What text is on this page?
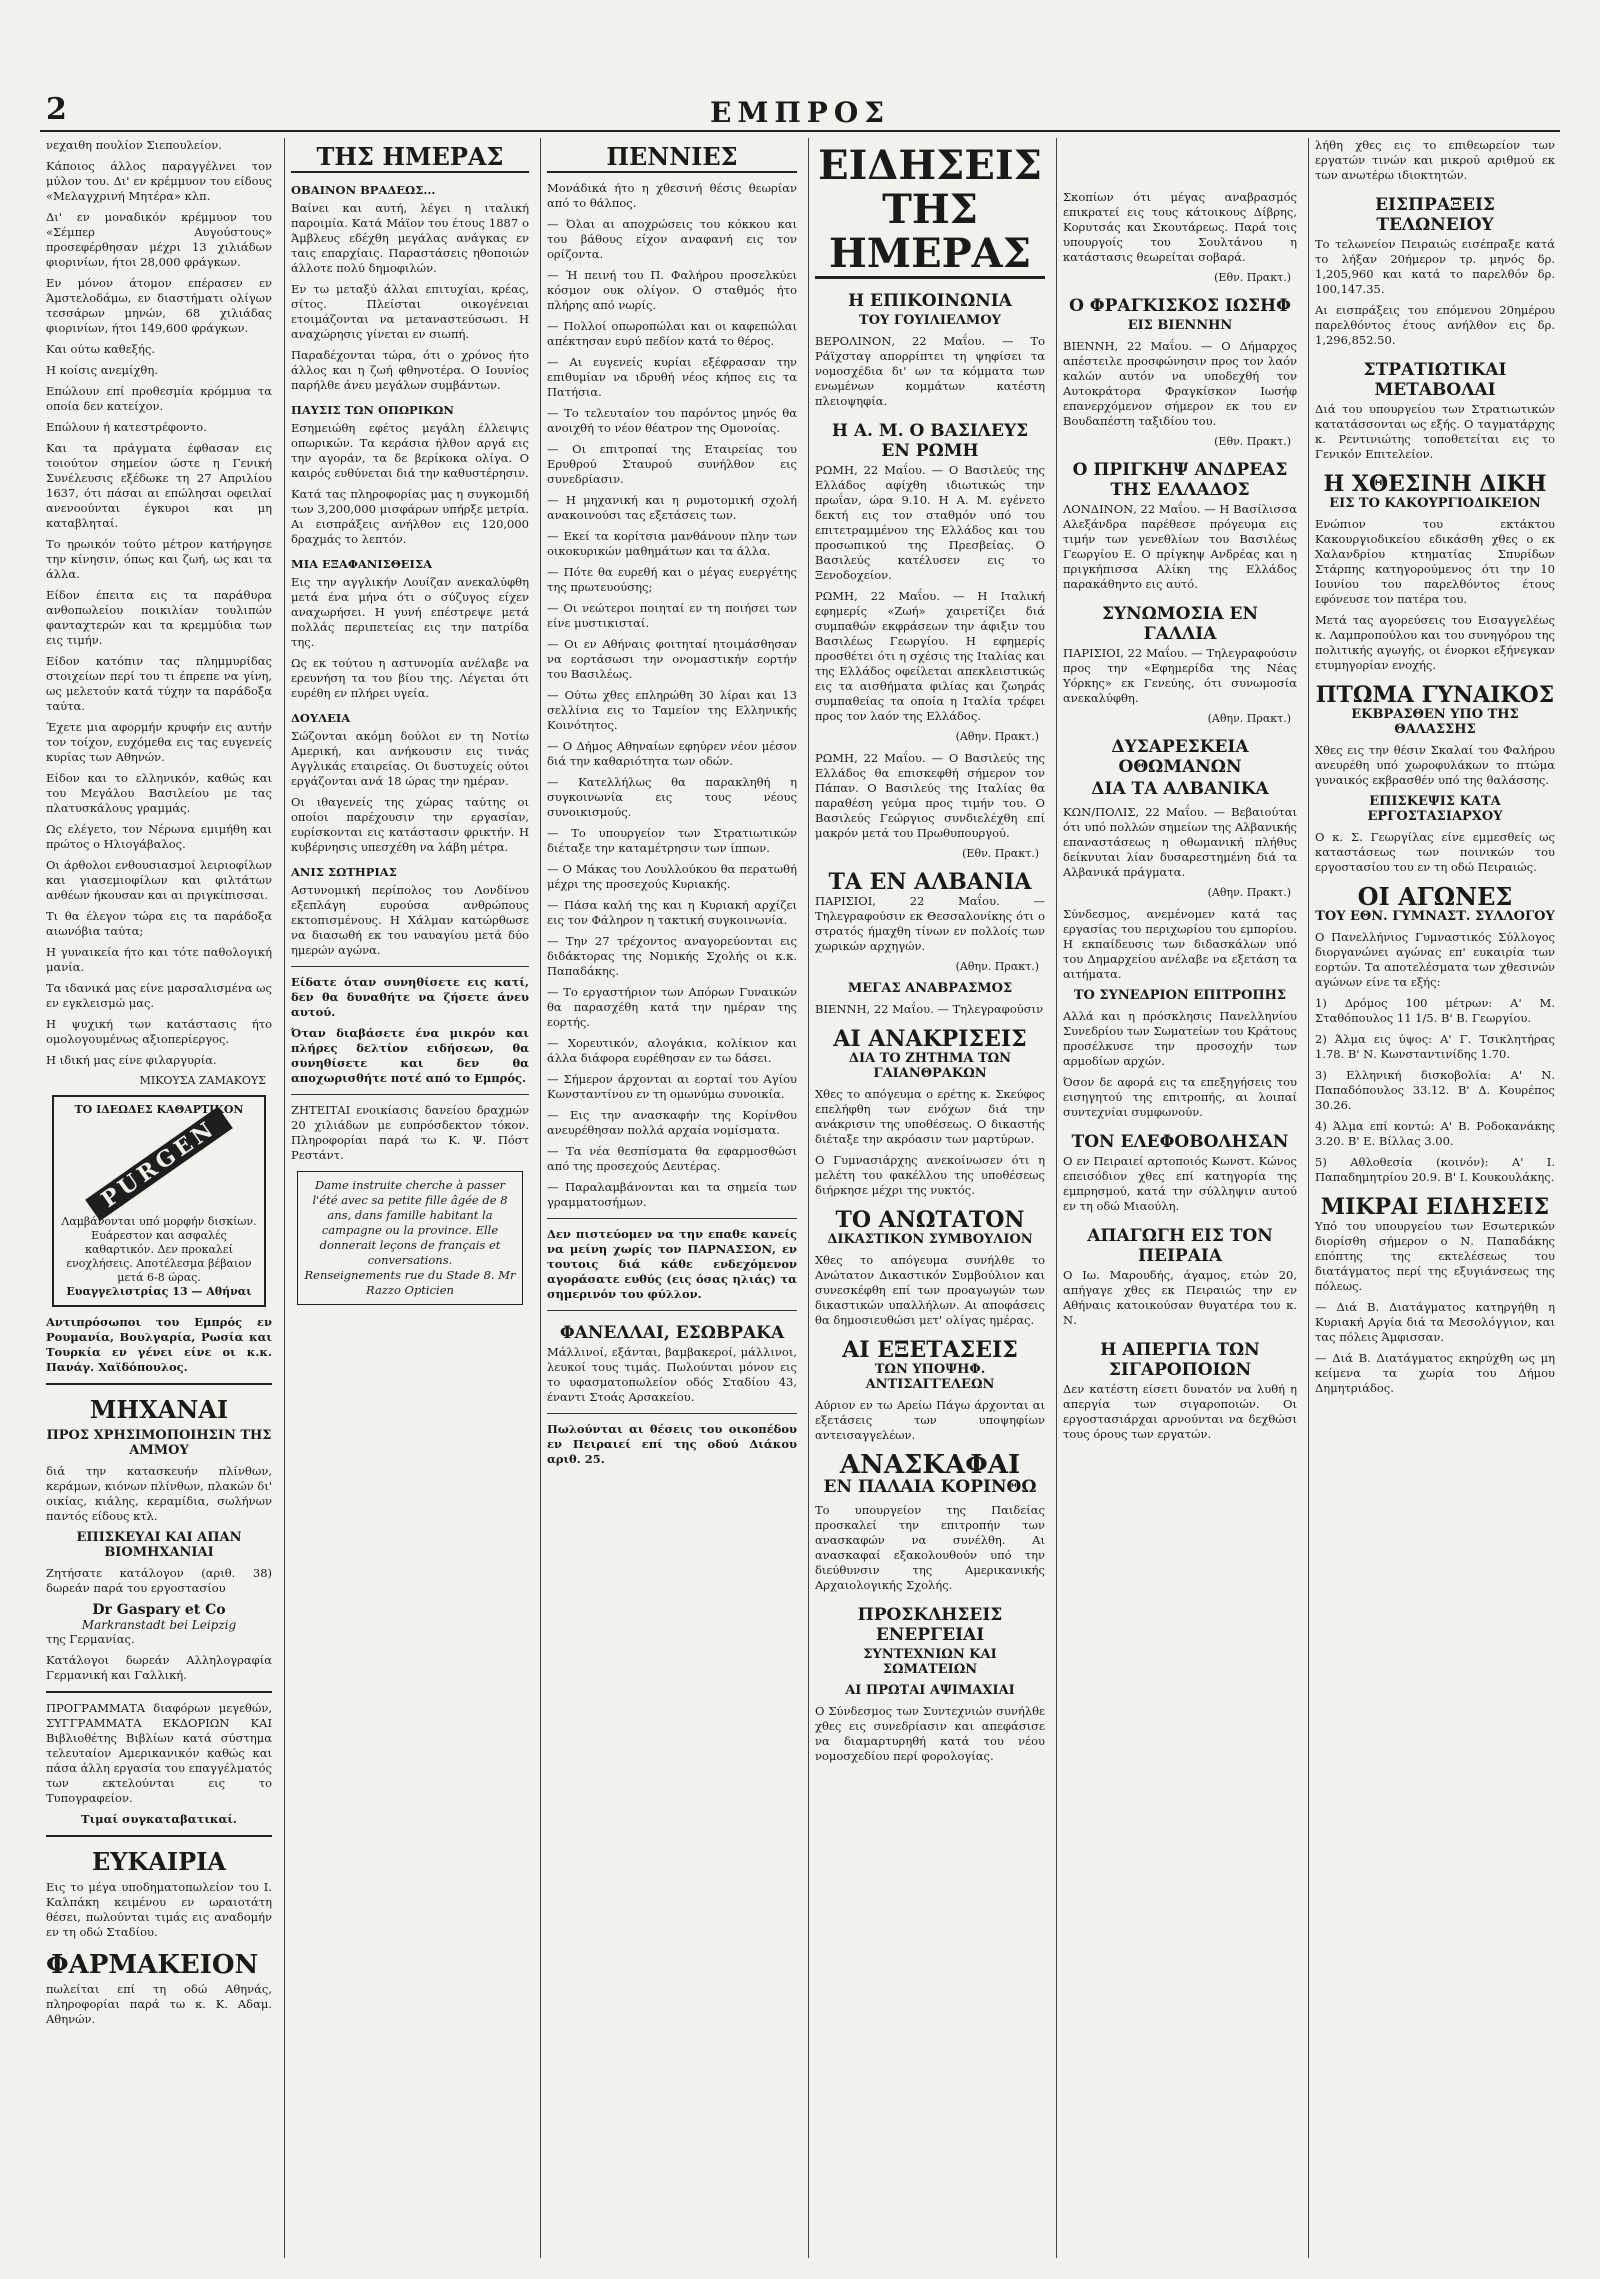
2	ΕΜΠΡΟΣ

νεχαιθη πουλίον Σιεπουλείον.

Κάποιος άλλος παραγγέλνει τον μύλον του. Δι' εν κρέμμυον του είδους «Μελαγχρινή Μητέρα» κλπ.

Δι' εν μοναδικόν κρέμμυον του «Σέμπερ Αυγούστους» προσεφέρθησαν μέχρι 13 χιλιάδων φιορινίων, ήτοι 28,000 φράγκων.

Εν μόνον άτομον επέρασεν εν Άμστελοδάμω, εν διαστήματι ολίγων τεσσάρων μηνών, 68 χιλιάδας φιορινίων, ήτοι 149,600 φράγκων.

Και ούτω καθεξής.

Η κοίσις ανεμίχθη.

Επώλουν επί προθεσμία κρόμμυα τα οποία δεν κατείχον.

Επώλουν ή κατεστρέφοντο.

Και τα πράγματα έφθασαν εις τοιούτον σημείον ώστε η Γενική Συνέλευσις εξέδωκε τη 27 Απριλίου 1637, ότι πάσαι αι επώλησαι οφειλαί ανενοούνται έγκυροι και μη καταβληταί.

Το ηρωικόν τούτο μέτρον κατήργησε την κίνησιν, όπως και ζωή, ως και τα άλλα.

Είδον έπειτα εις τα παράθυρα ανθοπωλείου ποικιλίαν τουλιπών φανταχτερών και τα κρεμμύδια των εις τιμήν.

Είδον κατόπιν τας πλημμυρίδας στοιχείων περί του τι έπρεπε να γίνη, ως μελετούν κατά τύχην τα παράδοξα ταύτα.

Έχετε μια αφορμήν κρυφήν εις αυτήν τον τοίχον, ευχόμεθα εις τας ευγενείς κυρίας των Αθηνών.

Είδον και το ελληνικόν, καθώς και του Μεγάλου Βασιλείου με τας πλατυσκάλους γραμμάς.

Ως ελέγετο, τον Νέρωνα εμιμήθη και πρώτος ο Ηλιογάβαλος.

Οι άρθολοι ενθουσιασμοί λειριοφίλων και γιασεμιοφίλων και φιλτάτων ανθέων ήκουσαν και αι πριγκίπισσαι.

Τι θα έλεγον τώρα εις τα παράδοξα αιωνόβια ταύτα;

Η γυναικεία ήτο και τότε παθολογική μανία.

Τα ιδανικά μας είνε μαρσαλισμένα ως εν εγκλεισμώ μας.

Η ψυχική των κατάστασις ήτο ομολογουμένως αξιοπερίεργος.

Η ιδική μας είνε φιλαργυρία.

ΜΙΚΟΥΣΑ ΖΑΜΑΚΟΥΣ
ΤΟ ΙΔΕΩΔΕΣ ΚΑΘΑΡΤΙΚΟΝ
PURGEN
Λαμβάνονται υπό μορφήν δισκίων. Ευάρεστον και ασφαλές καθαρτικόν. Δεν προκαλεί ενοχλήσεις. Αποτέλεσμα βέβαιον μετά 6-8 ώρας.
Ευαγγελιστρίας 13 — Αθήναι

Αντιπρόσωποι του Εμπρός εν Ρουμανία, Βουλγαρία, Ρωσία και Τουρκία εν γένει είνε οι κ.κ. Πανάγ. Χαϊδόπουλος.

ΜΗΧΑΝΑΙ
ΠΡΟΣ ΧΡΗΣΙΜΟΠΟΙΗΣΙΝ ΤΗΣ ΑΜΜΟΥ

διά την κατασκευήν πλίνθων, κεράμων, κιόνων πλίνθων, πλακών δι' οικίας, κιάλης, κεραμίδια, σωλήνων παντός είδους κτλ.

ΕΠΙΣΚΕΥΑΙ ΚΑΙ ΑΠΑΝ ΒΙΟΜΗΧΑΝΙΑΙ

Ζητήσατε κατάλογον (αριθ. 38) δωρεάν παρά του εργοστασίου

Dr Gaspary et Co
Markranstadt bei Leipzig

της Γερμανίας.

Κατάλογοι δωρεάν Αλληλογραφία Γερμανική και Γαλλική.

ΠΡΟΓΡΑΜΜΑΤΑ διαφόρων μεγεθών, ΣΥΓΓΡΑΜΜΑΤΑ ΕΚΔΟΡΙΩΝ ΚΑΙ Βιβλιοθέτης Βιβλίων κατά σύστημα τελευταίον Αμερικανικόν καθώς και πάσα άλλη εργασία του επαγγέλματός των εκτελούνται εις το Τυπογραφείον.

Τιμαί συγκαταβατικαί.

ΕΥΚΑΙΡΙΑ

Εις το μέγα υποδηματοπωλείον του Ι. Καλπάκη κειμένου εν ωραιοτάτη θέσει, πωλούνται τιμάς εις αναδομήν εν τη οδώ Σταδίου.

ΦΑΡΜΑΚΕΙΟΝ

πωλείται επί τη οδώ Αθηνάς, πληροφορίαι παρά τω κ. Κ. Αδαμ. Αθηνών.

ΤΗΣ ΗΜΕΡΑΣ
ΟΒΑΙΝΟΝ ΒΡΑΔΕΩΣ...

Βαίνει και αυτή, λέγει η ιταλική παροιμία. Κατά Μάϊον του έτους 1887 ο Άμβλευς εδέχθη μεγάλας ανάγκας εν ταις επαρχίαις. Παραστάσεις ηθοποιών άλλοτε πολύ δημοφιλών.

Εν τω μεταξύ άλλαι επιτυχίαι, κρέας, σίτος. Πλείσται οικογένειαι ετοιμάζονται να μεταναστεύσωσι. Η αναχώρησις γίνεται εν σιωπή.

Παραδέχονται τώρα, ότι ο χρόνος ήτο άλλος και η ζωή φθηνοτέρα. Ο Ιουνίος παρήλθε άνευ μεγάλων συμβάντων.

ΠΑΥΣΙΣ ΤΩΝ ΟΠΩΡΙΚΩΝ

Εσημειώθη εφέτος μεγάλη έλλειψις οπωρικών. Τα κεράσια ήλθον αργά εις την αγοράν, τα δε βερίκοκα ολίγα. Ο καιρός ευθύνεται διά την καθυστέρησιν.

Κατά τας πληροφορίας μας η συγκομιδή των 3,200,000 μισφάρων υπήρξε μετρία. Αι εισπράξεις ανήλθον εις 120,000 δραχμάς το λεπτόν.

ΜΙΑ ΕΞΑΦΑΝΙΣΘΕΙΣΑ

Εις την αγγλικήν Λουίζαν ανεκαλύφθη μετά ένα μήνα ότι ο σύζυγος είχεν αναχωρήσει. Η γυνή επέστρεψε μετά πολλάς περιπετείας εις την πατρίδα της.

Ως εκ τούτου η αστυνομία ανέλαβε να ερευνήση τα του βίου της. Λέγεται ότι ευρέθη εν πλήρει υγεία.

ΔΟΥΛΕΙΑ

Σώζονται ακόμη δούλοι εν τη Νοτίω Αμερική, και ανήκουσιν εις τινάς Αγγλικάς εταιρείας. Οι δυστυχείς ούτοι εργάζονται ανά 18 ώρας την ημέραν.

Οι ιθαγενείς της χώρας ταύτης οι οποίοι παρέχουσιν την εργασίαν, ευρίσκονται εις κατάστασιν φρικτήν. Η κυβέρνησις υπεσχέθη να λάβη μέτρα.

ΑΝΙΣ ΣΩΤΗΡΙΑΣ

Αστυνομική περίπολος του Λονδίνου εξεπλάγη ευρούσα ανθρώπους εκτοπισμένους. Η Χάλμαν κατώρθωσε να διασωθή εκ του ναυαγίου μετά δύο ημερών αγώνα.

Είδατε όταν συνηθίσετε εις κατί, δεν θα δυναθήτε να ζήσετε άνευ αυτού.

Όταν διαβάσετε ένα μικρόν και πλήρες δελτίον ειδήσεων, θα συνηθίσετε και δεν θα αποχωρισθήτε ποτέ από το Εμπρός.

ΖΗΤΕΙΤΑΙ ενοικίασις δανείου δραχμών 20 χιλιάδων με ευπρόσδεκτον τόκον. Πληροφορίαι παρά τω Κ. Ψ. Πόστ Ρεστάντ.

Dame instruite cherche à passer l'été avec sa petite fille âgée de 8 ans, dans famille habitant la campagne ou la province. Elle donnerait leçons de français et conversations.
Renseignements rue du Stade 8. Mr Razzo Opticien
ΠΕΝΝΙΕΣ

Μονάδικά ήτο η χθεσινή θέσις θεωρίαν από το θάλπος.

— Όλαι αι αποχρώσεις του κόκκου και του βάθους είχον αναφανή εις τον ορίζοντα.

— Ή πεινή του Π. Φαλήρου προσελκύει κόσμον ουκ ολίγον. Ο σταθμός ήτο πλήρης από νωρίς.

— Πολλοί οπωροπώλαι και οι καφεπώλαι απέκτησαν ευρύ πεδίον κατά το θέρος.

— Αι ευγενείς κυρίαι εξέφρασαν την επιθυμίαν να ιδρυθή νέος κήπος εις τα Πατήσια.

— Το τελευταίον του παρόντος μηνός θα ανοιχθή το νέον θέατρον της Ομονοίας.

— Οι επιτροπαί της Εταιρείας του Ερυθρού Σταυρού συνήλθον εις συνεδρίασιν.

— Η μηχανική και η ρυμοτομική σχολή ανακοινούσι τας εξετάσεις των.

— Εκεί τα κορίτσια μανθάνουν πλην των οικοκυρικών μαθημάτων και τα άλλα.

— Πότε θα ευρεθή και ο μέγας ευεργέτης της πρωτευούσης;

— Οι νεώτεροι ποιηταί εν τη ποιήσει των είνε μυστικισταί.

— Οι εν Αθήναις φοιτηταί ητοιμάσθησαν να εορτάσωσι την ονομαστικήν εορτήν του Βασιλέως.

— Ούτω χθες επληρώθη 30 λίραι και 13 σελλίνια εις το Ταμείον της Ελληνικής Κοινότητος.

— Ο Δήμος Αθηναίων εφηύρεν νέον μέσον διά την καθαριότητα των οδών.

— Κατελλήλως θα παρακληθή η συγκοινωνία εις τους νέους συνοικισμούς.

— Το υπουργείον των Στρατιωτικών διέταξε την καταμέτρησιν των ίππων.

— Ο Μάκας του Λουλλούκου θα περατωθή μέχρι της προσεχούς Κυριακής.

— Πάσα καλή της και η Κυριακή αρχίζει εις τον Φάληρον η τακτική συγκοινωνία.

— Την 27 τρέχοντος αναγορεύονται εις διδάκτορας της Νομικής Σχολής οι κ.κ. Παπαδάκης.

— Το εργαστήριον των Απόρων Γυναικών θα παρασχέθη κατά την ημέραν της εορτής.

— Χορευτικόν, αλογάκια, κολίκιον και άλλα διάφορα ευρέθησαν εν τω δάσει.

— Σήμερον άρχονται αι εορταί του Αγίου Κωνσταντίνου εν τη ομωνύμω συνοικία.

— Εις την ανασκαφήν της Κορίνθου ανευρέθησαν πολλά αρχαία νομίσματα.

— Τα νέα θεσπίσματα θα εφαρμοσθώσι από της προσεχούς Δευτέρας.

— Παραλαμβάνονται και τα σημεία των γραμματοσήμων.

Δεν πιστεύομεν να την επαθε κανείς να μείνη χωρίς τον ΠΑΡΝΑΣΣΟΝ, εν τουτοις διά κάθε ενδεχόμενον αγοράσατε ευθύς (εις όσας ηλιάς) τα σημερινόν του φύλλον.

ΦΑΝΕΛΛΑΙ, ΕΣΩΒΡΑΚΑ

Μάλλινοί, εξάνται, βαμβακεροί, μάλλινοι, λευκοί τους τιμάς. Πωλούνται μόνον εις το υφασματοπωλείον οδός Σταδίου 43, έναντι Στοάς Αρσακείου.

Πωλούνται αι θέσεις του οικοπέδου εν Πειραιεί επί της οδού Διάκου αριθ. 25.

ΕΙΔΗΣΕΙΣ ΤΗΣ ΗΜΕΡΑΣ
Η ΕΠΙΚΟΙΝΩΝΙΑ
ΤΟΥ ΓΟΥΙΛΙΕΛΜΟΥ

ΒΕΡΟΛΙΝΟΝ, 22 Μαΐου. — Το Ράϊχσταγ απορρίπτει τη ψηφίσει τα νομοσχέδια δι' ων τα κόμματα των ενωμένων κομμάτων κατέστη πλειοψηφία.

Η Α. Μ. Ο ΒΑΣΙΛΕΥΣ ΕΝ ΡΩΜΗ

ΡΩΜΗ, 22 Μαΐου. — Ο Βασιλεύς της Ελλάδος αφίχθη ιδιωτικώς την πρωΐαν, ώρα 9.10. Η Α. Μ. εγένετο δεκτή εις τον σταθμόν υπό του επιτετραμμένου της Ελλάδος και του προσωπικού της Πρεσβείας. Ο Βασιλεύς κατέλυσεν εις το Ξενοδοχείον.

ΡΩΜΗ, 22 Μαΐου. — Η Ιταλική εφημερίς «Ζωή» χαιρετίζει διά συμπαθών εκφράσεων την άφιξιν του Βασιλέως Γεωργίου. Η εφημερίς προσθέτει ότι η σχέσις της Ιταλίας και της Ελλάδος οφείλεται απεκλειστικώς εις τα αισθήματα φιλίας και ζωηράς συμπαθείας τα οποία η Ιταλία τρέφει προς τον λαόν της Ελλάδος.

(Αθην. Πρακτ.)

ΡΩΜΗ, 22 Μαΐου. — Ο Βασιλεύς της Ελλάδος θα επισκεφθή σήμερον τον Πάπαν. Ο Βασιλεύς της Ιταλίας θα παραθέση γεύμα προς τιμήν του. Ο Βασιλεύς Γεώργιος συνδιελέχθη επί μακρόν μετά του Πρωθυπουργού.

(Εθν. Πρακτ.)
ΤΑ ΕΝ ΑΛΒΑΝΙΑ

ΠΑΡΙΣΙΟΙ, 22 Μαΐου. — Τηλεγραφούσιν εκ Θεσσαλονίκης ότι ο στρατός ήμαχθη τίνων εν πολλοίς των χωρικών αρχηγών.

(Αθην. Πρακτ.)
ΜΕΓΑΣ ΑΝΑΒΡΑΣΜΟΣ

ΒΙΕΝΝΗ, 22 Μαΐου. — Τηλεγραφούσιν

ΑΙ ΑΝΑΚΡΙΣΕΙΣ
ΔΙΑ ΤΟ ΖΗΤΗΜΑ ΤΩΝ ΓΑΙΑΝΘΡΑΚΩΝ

Χθες το απόγευμα ο ερέτης κ. Σκεύφος επελήφθη των ενόχων διά την ανάκρισιν της υποθέσεως. Ο δικαστής διέταξε την ακρόασιν των μαρτύρων.

Ο Γυμνασιάρχης ανεκοίνωσεν ότι η μελέτη του φακέλλου της υποθέσεως διήρκησε μέχρι της νυκτός.

ΤΟ ΑΝΩΤΑΤΟΝ
ΔΙΚΑΣΤΙΚΟΝ ΣΥΜΒΟΥΛΙΟΝ

Χθες το απόγευμα συνήλθε το Ανώτατον Δικαστικόν Συμβούλιον και συνεσκέφθη επί των προαγωγών των δικαστικών υπαλλήλων. Αι αποφάσεις θα δημοσιευθώσι μετ' ολίγας ημέρας.

ΑΙ ΕΞΕΤΑΣΕΙΣ
ΤΩΝ ΥΠΟΨΗΦ. ΑΝΤΙΣΑΓΓΕΛΕΩΝ

Αύριον εν τω Αρείω Πάγω άρχονται αι εξετάσεις των υποψηφίων αντεισαγγελέων.

ΑΝΑΣΚΑΦΑΙ
ΕΝ ΠΑΛΑΙΑ ΚΟΡΙΝΘΩ

Το υπουργείον της Παιδείας προσκαλεί την επιτροπήν των ανασκαφών να συνέλθη. Αι ανασκαφαί εξακολουθούν υπό την διεύθυνσιν της Αμερικανικής Αρχαιολογικής Σχολής.

ΠΡΟΣΚΛΗΣΕΙΣ ΕΝΕΡΓΕΙΑΙ
ΣΥΝΤΕΧΝΙΩΝ ΚΑΙ ΣΩΜΑΤΕΙΩΝ
ΑΙ ΠΡΩΤΑΙ ΑΨΙΜΑΧΙΑΙ

Ο Σύνδεσμος των Συντεχνιών συνήλθε χθες εις συνεδρίασιν και απεφάσισε να διαμαρτυρηθή κατά του νέου νομοσχεδίου περί φορολογίας.

Σκοπίων ότι μέγας αναβρασμός επικρατεί εις τους κάτοικους Δίβρης, Κορυτσάς και Σκουτάρεως. Παρά τοις υπουργοίς του Σουλτάνου η κατάστασις θεωρείται σοβαρά.

(Εθν. Πρακτ.)
Ο ΦΡΑΓΚΙΣΚΟΣ ΙΩΣΗΦ
ΕΙΣ ΒΙΕΝΝΗΝ

ΒΙΕΝΝΗ, 22 Μαΐου. — Ο Δήμαρχος απέστειλε προσφώνησιν προς τον λαόν καλών αυτόν να υποδεχθή τον Αυτοκράτορα Φραγκίσκον Ιωσήφ επανερχόμενον σήμερον εκ του εν Βουδαπέστη ταξιδίου του.

(Εθν. Πρακτ.)
Ο ΠΡΙΓΚΗΨ ΑΝΔΡΕΑΣ ΤΗΣ ΕΛΛΑΔΟΣ

ΛΟΝΔΙΝΟΝ, 22 Μαΐου. — Η Βασίλισσα Αλεξάνδρα παρέθεσε πρόγευμα εις τιμήν των γενεθλίων του Βασιλέως Γεωργίου Ε. Ο πρίγκηψ Ανδρέας και η πριγκήπισσα Αλίκη της Ελλάδος παρακάθηντο εις αυτό.

ΣΥΝΩΜΟΣΙΑ ΕΝ ΓΑΛΛΙΑ

ΠΑΡΙΣΙΟΙ, 22 Μαΐου. — Τηλεγραφούσιν προς την «Εφημερίδα της Νέας Υόρκης» εκ Γενεύης, ότι συνωμοσία ανεκαλύφθη.

(Αθην. Πρακτ.)
ΔΥΣΑΡΕΣΚΕΙΑ ΟΘΩΜΑΝΩΝ
ΔΙΑ ΤΑ ΑΛΒΑΝΙΚΑ

ΚΩΝ/ΠΟΛΙΣ, 22 Μαΐου. — Βεβαιούται ότι υπό πολλών σημείων της Αλβανικής επαναστάσεως η οθωμανική πλήθυς δείκνυται λίαν δυσαρεστημένη διά τα Αλβανικά πράγματα.

(Αθην. Πρακτ.)

Σύνδεσμος, ανεμένομεν κατά τας εργασίας του περιχωρίου του εμπορίου. Η εκπαίδευσις των διδασκάλων υπό του Δημαρχείου ανέλαβε να εξετάση τα αιτήματα.

ΤΟ ΣΥΝΕΔΡΙΟΝ ΕΠΙΤΡΟΠΗΣ

Αλλά και η πρόσκλησις Πανελληνίου Συνεδρίου των Σωματείων του Κράτους προσέλκυσε την προσοχήν των αρμοδίων αρχών.

Όσον δε αφορά εις τα επεξηγήσεις του εισηγητού της επιτροπής, αι λοιπαί συντεχνίαι συμφωνούν.

ΤΟΝ ΕΛΕΦΟΒΟΛΗΣΑΝ

Ο εν Πειραιεί αρτοποιός Κωνστ. Κώνος επεισόδιον χθες επί κατηγορία της εμπρησμού, κατά την σύλληψιν αυτού εν τη οδώ Μιαούλη.

ΑΠΑΓΩΓΗ ΕΙΣ ΤΟΝ ΠΕΙΡΑΙΑ

Ο Ιω. Μαρουδής, άγαμος, ετών 20, απήγαγε χθες εκ Πειραιώς την εν Αθήναις κατοικούσαν θυγατέρα του κ. Ν.

Η ΑΠΕΡΓΙΑ ΤΩΝ ΣΙΓΑΡΟΠΟΙΩΝ

Δεν κατέστη είσετι δυνατόν να λυθή η απεργία των σιγαροποιών. Οι εργοστασιάρχαι αρνούνται να δεχθώσι τους όρους των εργατών.

λήθη χθες εις το επιθεωρείον των εργατών τινών και μικρού αριθμού εκ των ανωτέρω ιδιοκτητών.

ΕΙΣΠΡΑΞΕΙΣ ΤΕΛΩΝΕΙΟΥ

Το τελωνείον Πειραιώς εισέπραξε κατά το λήξαν 20ήμερον τρ. μηνός δρ. 1,205,960 και κατά το παρελθόν δρ. 100,147.35.

Αι εισπράξεις του επόμενου 20ημέρου παρελθόντος έτους ανήλθον εις δρ. 1,296,852.50.

ΣΤΡΑΤΙΩΤΙΚΑΙ ΜΕΤΑΒΟΛΑΙ

Διά του υπουργείου των Στρατιωτικών κατατάσσονται ως εξής. Ο ταγματάρχης κ. Ρεντινιώτης τοποθετείται εις το Γενικόν Επιτελείον.

Η ΧΘΕΣΙΝΗ ΔΙΚΗ
ΕΙΣ ΤΟ ΚΑΚΟΥΡΓΙΟΔΙΚΕΙΟΝ

Ενώπιον του εκτάκτου Κακουργιοδικείου εδικάσθη χθες ο εκ Χαλανδρίου κτηματίας Σπυρίδων Στάρπης κατηγορούμενος ότι την 10 Ιουνίου του παρελθόντος έτους εφόνευσε τον πατέρα του.

Μετά τας αγορεύσεις του Εισαγγελέως κ. Λαμπροπούλου και του συνηγόρου της πολιτικής αγωγής, οι ένορκοι εξήνεγκαν ετυμηγορίαν ενοχής.

ΠΤΩΜΑ ΓΥΝΑΙΚΟΣ
ΕΚΒΡΑΣΘΕΝ ΥΠΟ ΤΗΣ ΘΑΛΑΣΣΗΣ

Χθες εις την θέσιν Σκαλαί του Φαλήρου ανευρέθη υπό χωροφυλάκων το πτώμα γυναικός εκβρασθέν υπό της θαλάσσης.

ΕΠΙΣΚΕΨΙΣ ΚΑΤΑ ΕΡΓΟΣΤΑΣΙΑΡΧΟΥ

Ο κ. Σ. Γεωργίλας είνε εμμεσθείς ως καταστάσεως των ποινικών του εργοστασίου του εν τη οδώ Πειραιώς.

ΟΙ ΑΓΩΝΕΣ
ΤΟΥ ΕΘΝ. ΓΥΜΝΑΣΤ. ΣΥΛΛΟΓΟΥ

Ο Πανελλήνιος Γυμναστικός Σύλλογος διοργανώνει αγώνας επ' ευκαιρία των εορτών. Τα αποτελέσματα των χθεσινών αγώνων είνε τα εξής:

1) Δρόμος 100 μέτρων: Α' Μ. Σταθόπουλος 11 1/5. Β' Β. Γεωργίου.

2) Άλμα εις ύψος: Α' Γ. Τσικλητήρας 1.78. Β' Ν. Κωνσταντινίδης 1.70.

3) Ελληνική δισκοβολία: Α' Ν. Παπαδόπουλος 33.12. Β' Δ. Κουρέπος 30.26.

4) Άλμα επί κοντώ: Α' Β. Ροδοκανάκης 3.20. Β' Ε. Βίλλας 3.00.

5) Αθλοθεσία (κοινόν): Α' Ι. Παπαδημητρίου 20.9. Β' Ι. Κουκουλάκης.

ΜΙΚΡΑΙ ΕΙΔΗΣΕΙΣ

Υπό του υπουργείου των Εσωτερικών διορίσθη σήμερον ο Ν. Παπαδάκης επόπτης της εκτελέσεως του διατάγματος περί της εξυγιάνσεως της πόλεως.

— Διά Β. Διατάγματος κατηργήθη η Κυριακή Αργία διά τα Μεσολόγγιον, και τας πόλεις Άμφισσαν.

— Διά Β. Διατάγματος εκηρύχθη ως μη κείμενα τα χωρία του Δήμου Δημητριάδος.
